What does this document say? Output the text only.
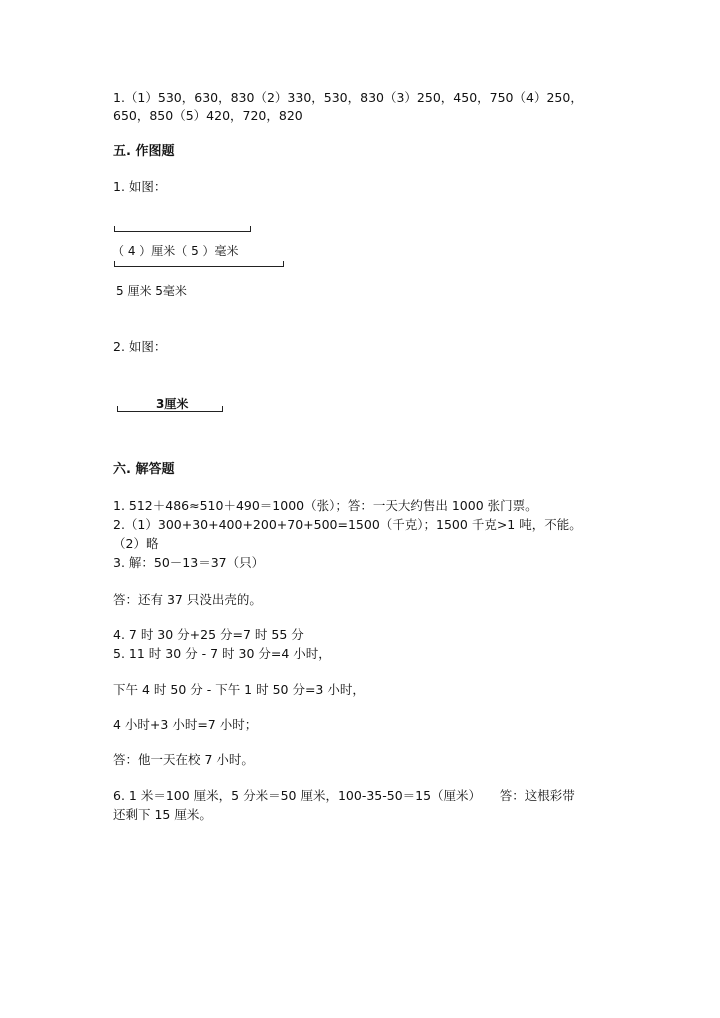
1.（1）530，630，830（2）330，530，830（3）250，450，750（4）250，
650，850（5）420，720，820
五. 作图题
1. 如图：
（ 4 ）厘米（ 5 ）毫米
5 厘米 5毫米
2. 如图：
3厘米
六. 解答题
1. 512＋486≈510＋490＝1000（张）；答：一天大约售出 1000 张门票。
2.（1）300+30+400+200+70+500=1500（千克）；1500 千克>1 吨，不能。
（2）略
3. 解：50－13＝37（只）
答：还有 37 只没出壳的。
4. 7 时 30 分+25 分=7 时 55 分
5. 11 时 30 分 - 7 时 30 分=4 小时，
下午 4 时 50 分 - 下午 1 时 50 分=3 小时，
4 小时+3 小时=7 小时；
答：他一天在校 7 小时。
6. 1 米＝100 厘米，5 分米＝50 厘米，100-35-50＝15（厘米）　　答：这根彩带
还剩下 15 厘米。
